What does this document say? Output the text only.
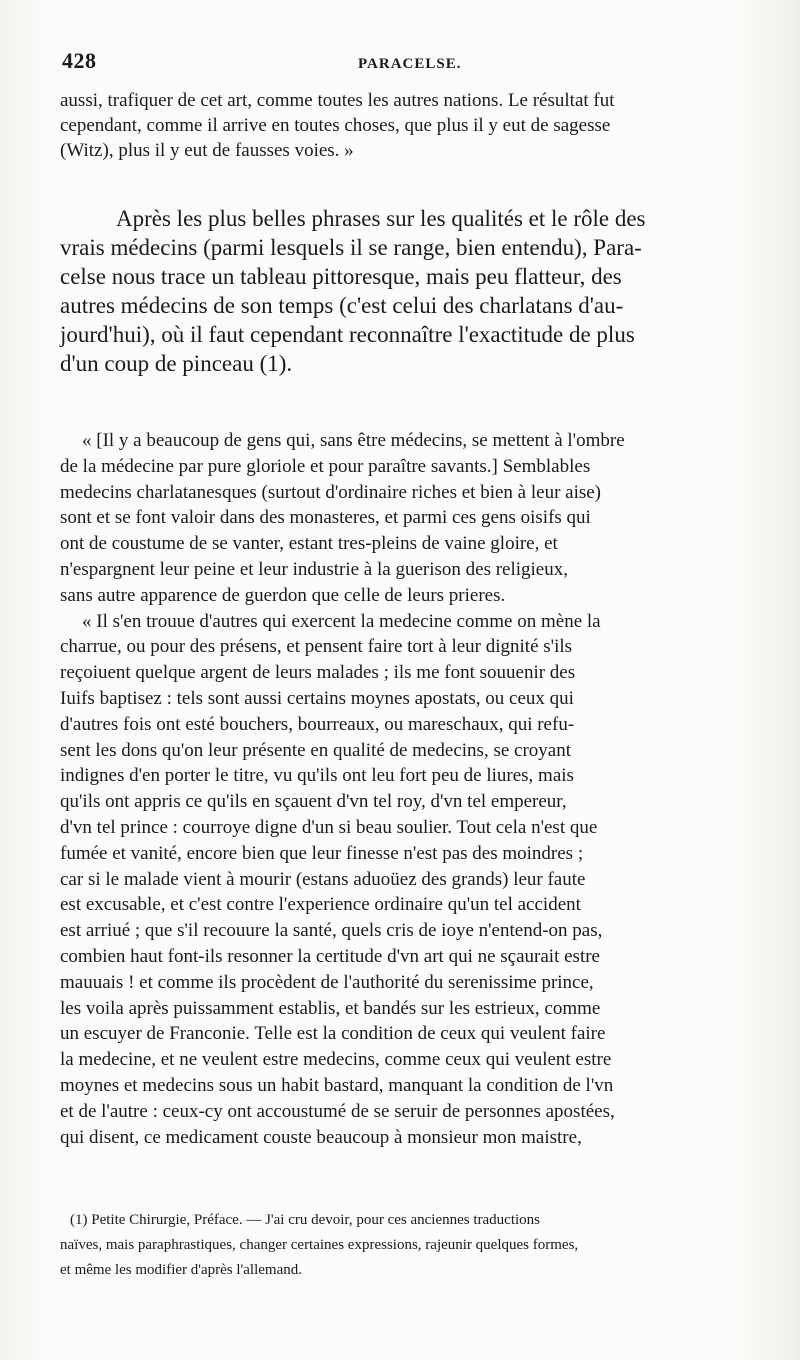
428	PARACELSE.
aussi, trafiquer de cet art, comme toutes les autres nations. Le résultat fut
cependant, comme il arrive en toutes choses, que plus il y eut de sagesse
(Witz), plus il y eut de fausses voies. »
Après les plus belles phrases sur les qualités et le rôle des
vrais médecins (parmi lesquels il se range, bien entendu), Para-
celse nous trace un tableau pittoresque, mais peu flatteur, des
autres médecins de son temps (c'est celui des charlatans d'au-
jourd'hui), où il faut cependant reconnaître l'exactitude de plus
d'un coup de pinceau (1).
« [Il y a beaucoup de gens qui, sans être médecins, se mettent à l'ombre
de la médecine par pure gloriole et pour paraître savants.] Semblables
medecins charlatanesques (surtout d'ordinaire riches et bien à leur aise)
sont et se font valoir dans des monasteres, et parmi ces gens oisifs qui
ont de coustume de se vanter, estant tres-pleins de vaine gloire, et
n'espargnent leur peine et leur industrie à la guerison des religieux,
sans autre apparence de guerdon que celle de leurs prieres.
« Il s'en trouue d'autres qui exercent la medecine comme on mène la
charrue, ou pour des présens, et pensent faire tort à leur dignité s'ils
reçoiuent quelque argent de leurs malades ; ils me font souuenir des
Iuifs baptisez : tels sont aussi certains moynes apostats, ou ceux qui
d'autres fois ont esté bouchers, bourreaux, ou mareschaux, qui refu-
sent les dons qu'on leur présente en qualité de medecins, se croyant
indignes d'en porter le titre, vu qu'ils ont leu fort peu de liures, mais
qu'ils ont appris ce qu'ils en sçauent d'vn tel roy, d'vn tel empereur,
d'vn tel prince : courroye digne d'un si beau soulier. Tout cela n'est que
fumée et vanité, encore bien que leur finesse n'est pas des moindres ;
car si le malade vient à mourir (estans aduoüez des grands) leur faute
est excusable, et c'est contre l'experience ordinaire qu'un tel accident
est arriué ; que s'il recouure la santé, quels cris de ioye n'entend-on pas,
combien haut font-ils resonner la certitude d'vn art qui ne sçaurait estre
mauuais ! et comme ils procèdent de l'authorité du serenissime prince,
les voila après puissamment establis, et bandés sur les estrieux, comme
un escuyer de Franconie. Telle est la condition de ceux qui veulent faire
la medecine, et ne veulent estre medecins, comme ceux qui veulent estre
moynes et medecins sous un habit bastard, manquant la condition de l'vn
et de l'autre : ceux-cy ont accoustumé de se seruir de personnes apostées,
qui disent, ce medicament couste beaucoup à monsieur mon maistre,
(1) Petite Chirurgie, Préface. — J'ai cru devoir, pour ces anciennes traductions
naïves, mais paraphrastiques, changer certaines expressions, rajeunir quelques formes,
et même les modifier d'après l'allemand.
